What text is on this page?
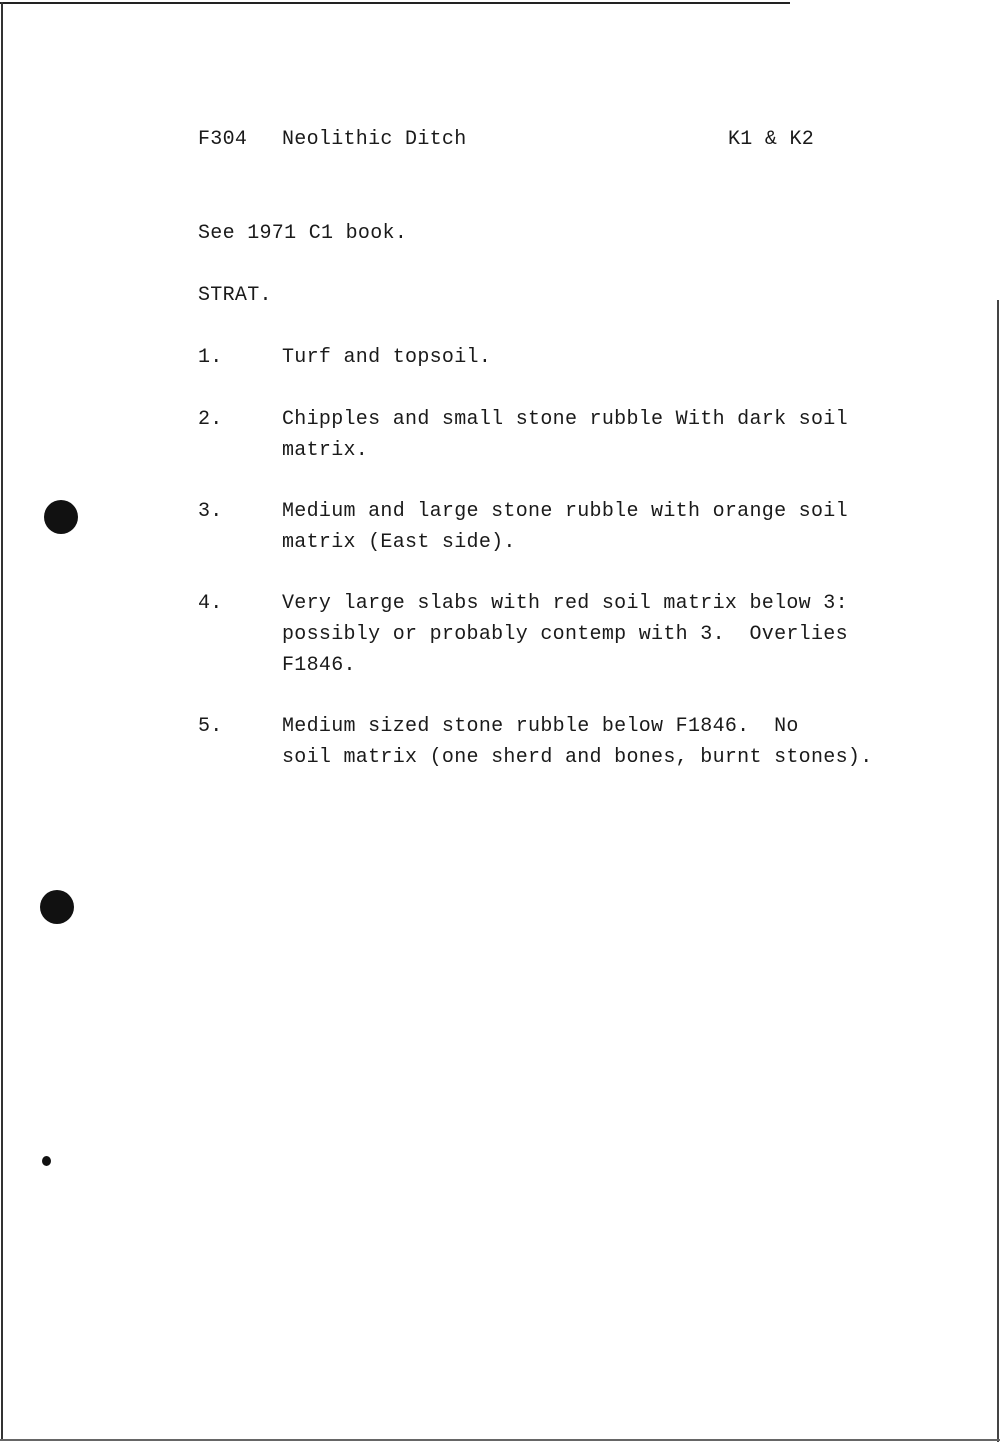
F304 Neolithic Ditch	K1 & K2
See 1971 C1 book.
STRAT.
1.	Turf and topsoil.
2.	Chipples and small stone rubble With dark soil
matrix.
3.	Medium and large stone rubble with orange soil
matrix (East side).
4.	Very large slabs with red soil matrix below 3:
possibly or probably contemp with 3.  Overlies
F1846.
5.	Medium sized stone rubble below F1846.  No
soil matrix (one sherd and bones, burnt stones).
